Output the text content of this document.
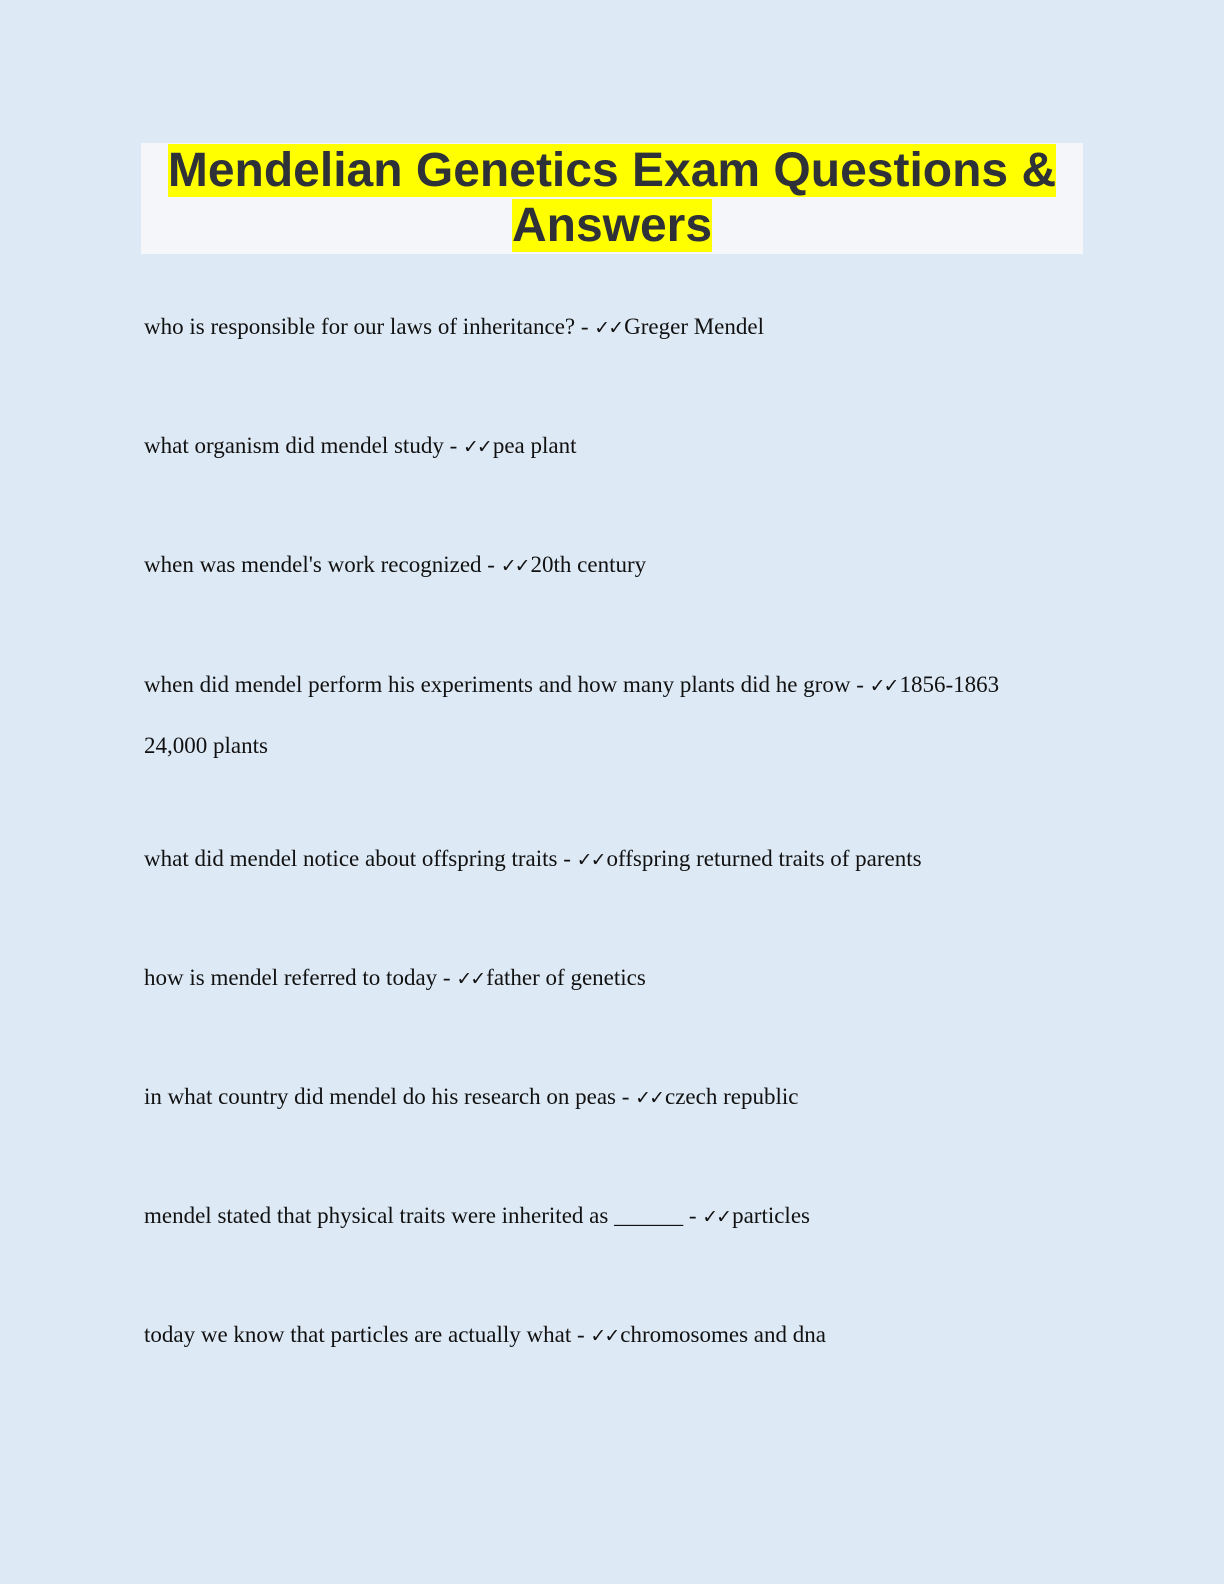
Mendelian Genetics Exam Questions &

Answers

who is responsible for our laws of inheritance? - ✓✓Greger Mendel
what organism did mendel study - ✓✓pea plant
when was mendel's work recognized - ✓✓20th century
when did mendel perform his experiments and how many plants did he grow - ✓✓1856-1863
24,000 plants
what did mendel notice about offspring traits - ✓✓offspring returned traits of parents
how is mendel referred to today - ✓✓father of genetics
in what country did mendel do his research on peas - ✓✓czech republic
mendel stated that physical traits were inherited as ______ - ✓✓particles
today we know that particles are actually what - ✓✓chromosomes and dna
